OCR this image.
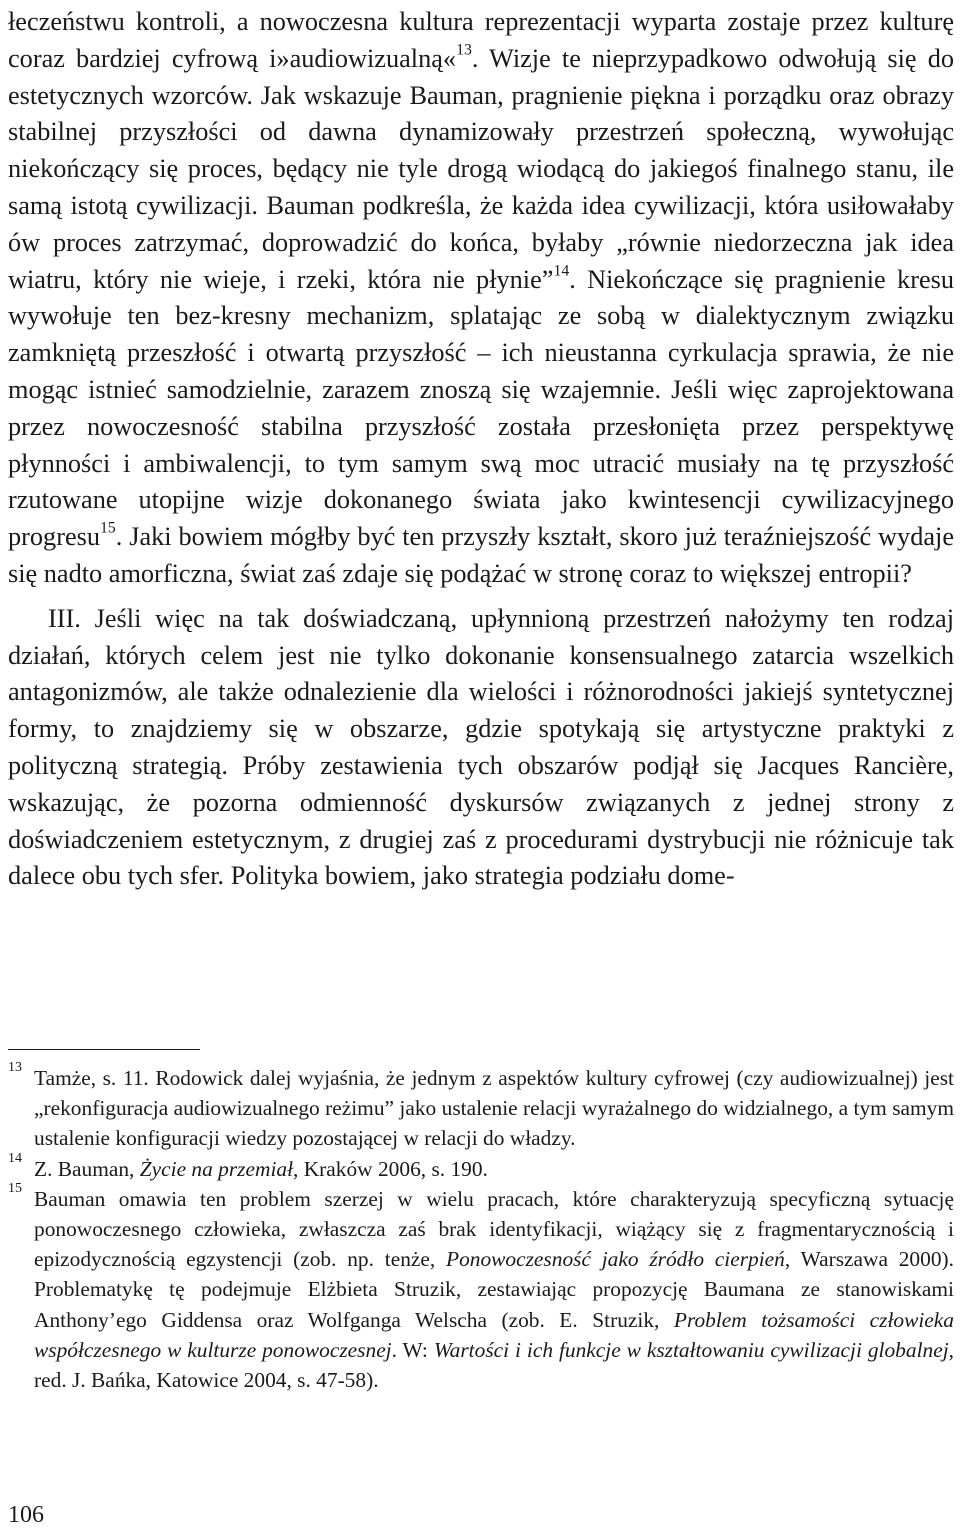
łeczeństwu kontroli, a nowoczesna kultura reprezentacji wyparta zostaje przez kulturę coraz bardziej cyfrową i»audiowizualną«$^{13}$. Wizje te nieprzypadkowo odwołują się do estetycznych wzorców. Jak wskazuje Bauman, pragnienie piękna i porządku oraz obrazy stabilnej przyszłości od dawna dynamizowały przestrzeń społeczną, wywołując niekończący się proces, będący nie tyle drogą wiodącą do jakiegoś finalnego stanu, ile samą istotą cywilizacji. Bauman podkreśla, że każda idea cywilizacji, która usiłowałaby ów proces zatrzymać, doprowadzić do końca, byłaby „równie niedorzeczna jak idea wiatru, który nie wieje, i rzeki, która nie płynie”$^{14}$. Niekończące się pragnienie kresu wywołuje ten bez-kresny mechanizm, splatając ze sobą w dialektycznym związku zamkniętą przeszłość i otwartą przyszłość – ich nieustanna cyrkulacja sprawia, że nie mogąc istnieć samodzielnie, zarazem znoszą się wzajemnie. Jeśli więc zaprojektowana przez nowoczesność stabilna przyszłość została przesłonięta przez perspektywę płynności i ambiwalencji, to tym samym swą moc utracić musiały na tę przyszłość rzutowane utopijne wizje dokonanego świata jako kwintesencji cywilizacyjnego progresu$^{15}$. Jaki bowiem mógłby być ten przyszły kształt, skoro już teraźniejszość wydaje się nadto amorficzna, świat zaś zdaje się podążać w stronę coraz to większej entropii?

III. Jeśli więc na tak doświadczaną, upłynnioną przestrzeń nałożymy ten rodzaj działań, których celem jest nie tylko dokonanie konsensualnego zatarcia wszelkich antagonizmów, ale także odnalezienie dla wielości i różnorodności jakiejś syntetycznej formy, to znajdziemy się w obszarze, gdzie spotykają się artystyczne praktyki z polityczną strategią. Próby zestawienia tych obszarów podjął się Jacques Rancière, wskazując, że pozorna odmienność dyskursów związanych z jednej strony z doświadczeniem estetycznym, z drugiej zaś z procedurami dystrybucji nie różnicuje tak dalece obu tych sfer. Polityka bowiem, jako strategia podziału dome-

13 Tamże, s. 11. Rodowick dalej wyjaśnia, że jednym z aspektów kultury cyfrowej (czy audiowizualnej) jest „rekonfiguracja audiowizualnego reżimu” jako ustalenie relacji wyrażalnego do widzialnego, a tym samym ustalenie konfiguracji wiedzy pozostającej w relacji do władzy.
14 Z. Bauman, Życie na przemiał, Kraków 2006, s. 190.
15 Bauman omawia ten problem szerzej w wielu pracach, które charakteryzują specyficzną sytuację ponowoczesnego człowieka, zwłaszcza zaś brak identyfikacji, wiążący się z fragmentarycznością i epizodycznością egzystencji (zob. np. tenże, Ponowoczesność jako źródło cierpień, Warszawa 2000). Problematykę tę podejmuje Elżbieta Struzik, zestawiając propozycję Baumana ze stanowiskami Anthony’ego Giddensa oraz Wolfganga Welscha (zob. E. Struzik, Problem tożsamości człowieka współczesnego w kulturze ponowoczesnej. W: Wartości i ich funkcje w kształtowaniu cywilizacji globalnej, red. J. Bańka, Katowice 2004, s. 47-58).
106
